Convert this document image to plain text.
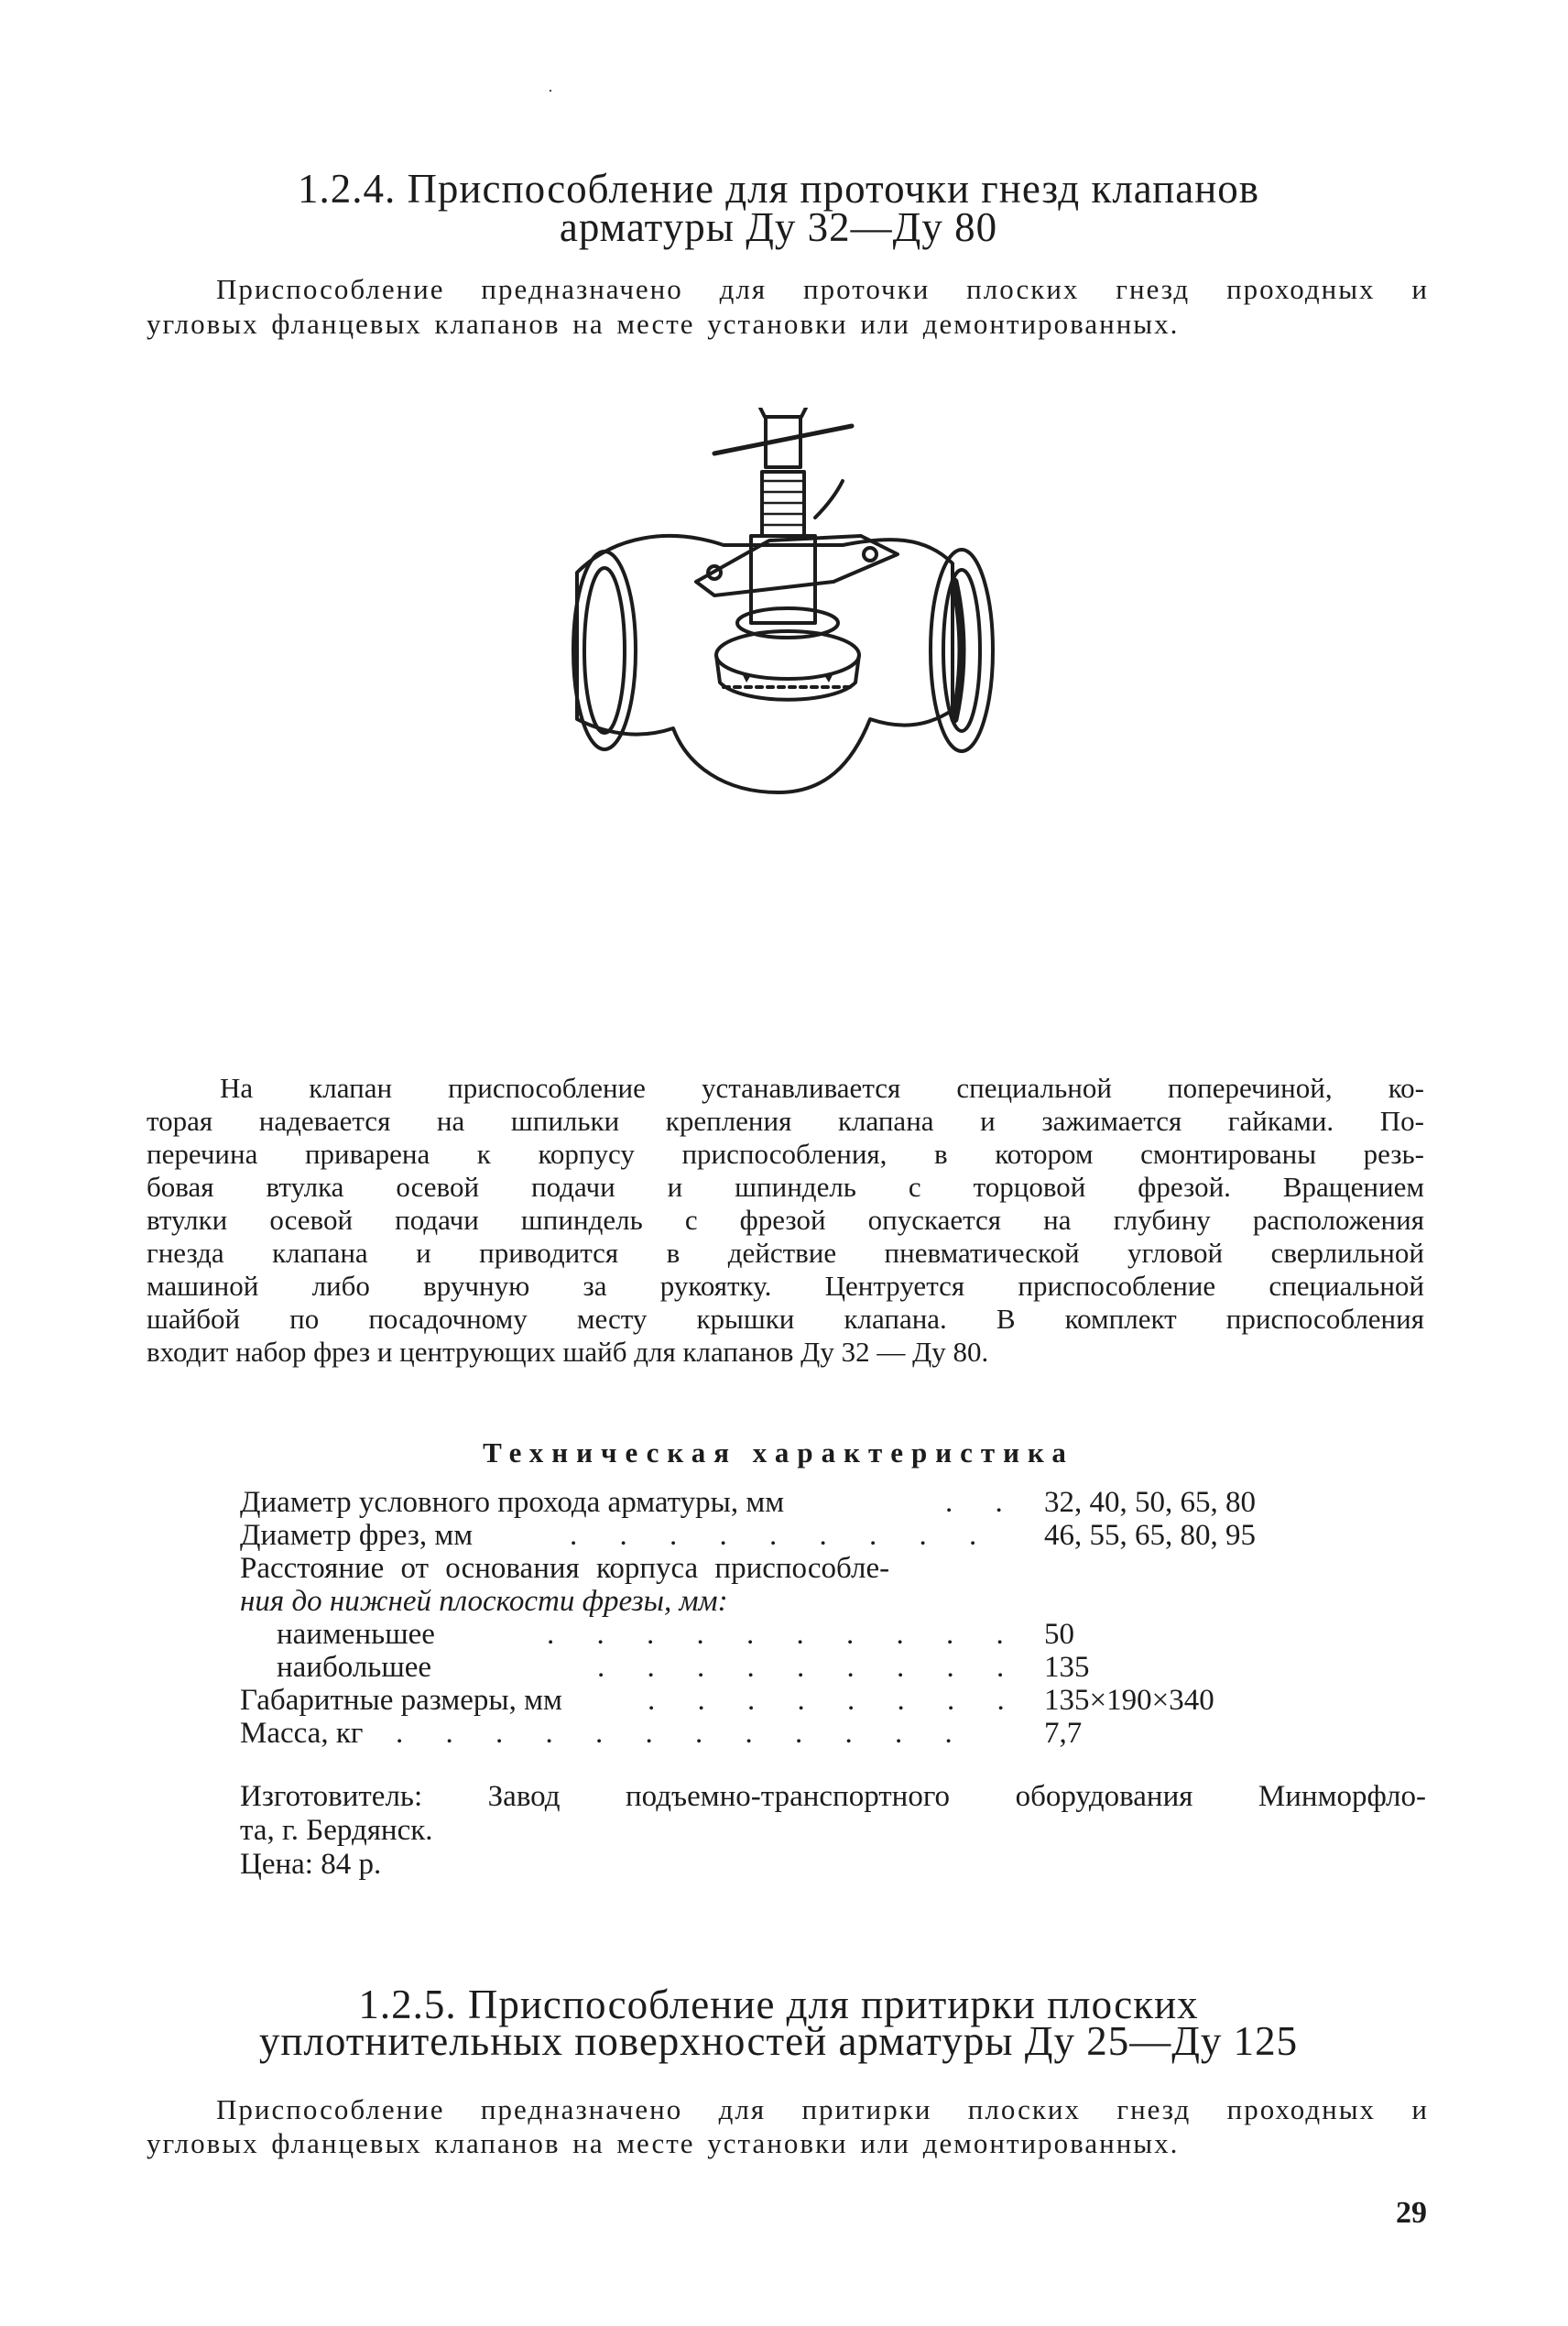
1.2.4. Приспособление для проточки гнезд клапанов
арматуры Ду 32—Ду 80
Приспособление предназначено для проточки плоских гнезд проходных и
угловых фланцевых клапанов на месте установки или демонтированных.
На клапан приспособление устанавливается специальной поперечиной, ко-
торая надевается на шпильки крепления клапана и зажимается гайками. По-
перечина приварена к корпусу приспособления, в котором смонтированы резь-
бовая втулка осевой подачи и шпиндель с торцовой фрезой. Вращением
втулки осевой подачи шпиндель с фрезой опускается на глубину расположения
гнезда клапана и приводится в действие пневматической угловой сверлильной
машиной либо вручную за рукоятку. Центруется приспособление специальной
шайбой по посадочному месту крышки клапана. В комплект приспособления
входит набор фрез и центрующих шайб для клапанов Ду 32 — Ду 80.
Техническая характеристика
Диаметр условного прохода арматуры, мм	. . 32, 40, 50, 65, 80
Диаметр фрез, мм	. . . . . . . . . 46, 55, 65, 80, 95
Расстояние от основания корпуса приспособле-
ния до нижней плоскости фрезы, мм:
наименьшее	. . . . . . . . . . 50
наибольшее	. . . . . . . . . 135
Габаритные размеры, мм	. . . . . . . . 135×190×340
Масса, кг . . . . . . . . . . . . 7,7
Изготовитель: Завод подъемно-транспортного оборудования Минморфло-
та, г. Бердянск.
Цена: 84 р.
1.2.5. Приспособление для притирки плоских
уплотнительных поверхностей арматуры Ду 25—Ду 125
Приспособление предназначено для притирки плоских гнезд проходных и
угловых фланцевых клапанов на месте установки или демонтированных.
29
